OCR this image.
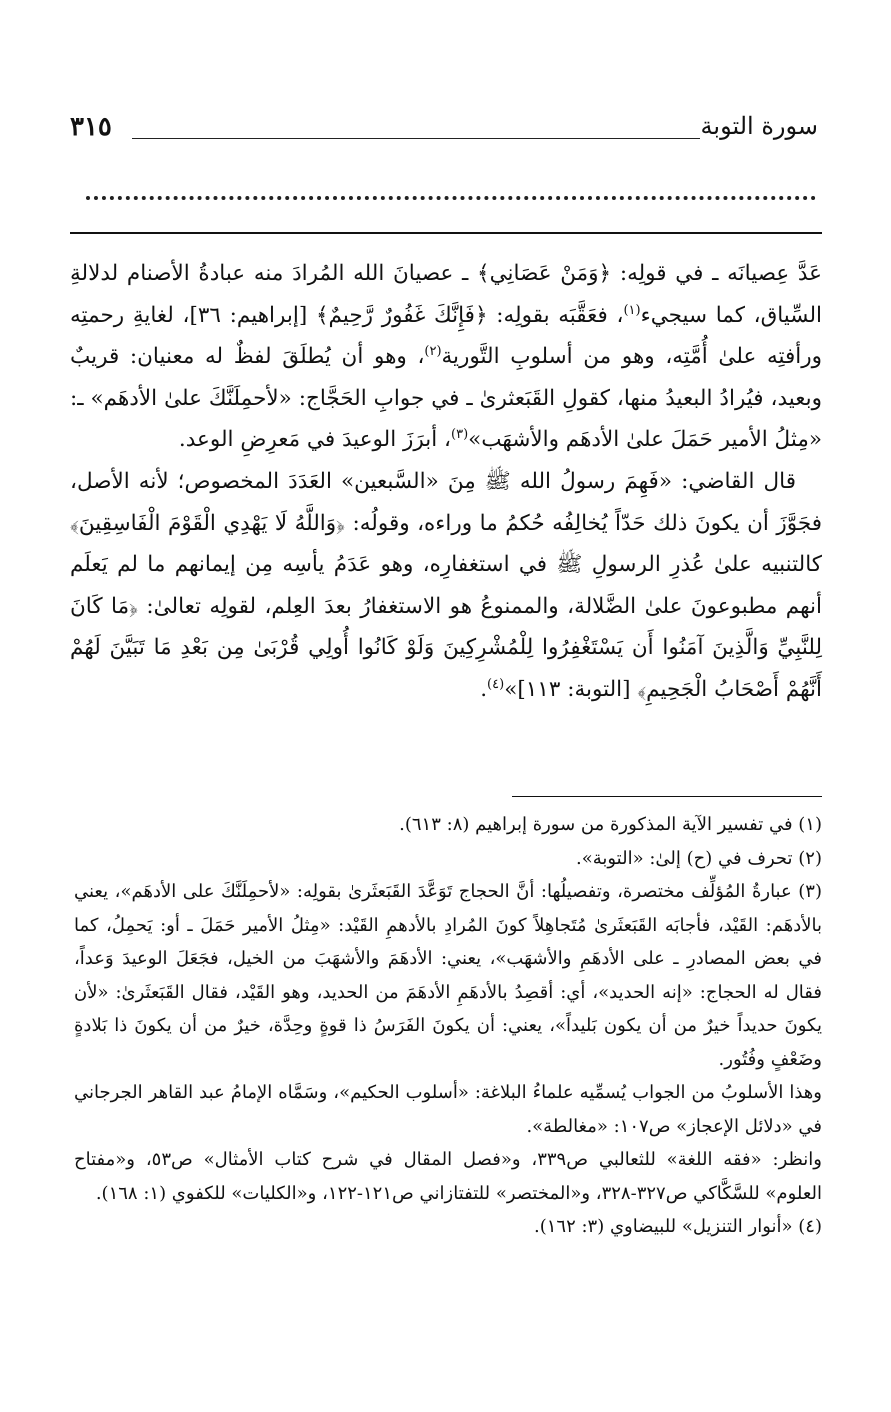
سورة التوبة
٣١٥

عَدَّ عِصيانَه ـ في قولِه: ﴿وَمَنْ عَصَانِي﴾ ـ عصيانَ الله المُرادَ منه عبادةُ الأصنام لدلالةِ السِّياق، كما سيجيء$^{(١)}$، فعَقَّبَه بقولِه: ﴿فَإِنَّكَ غَفُورٌ رَّحِيمٌ﴾ [إبراهيم: ٣٦]، لغايةِ رحمتِه ورأفتِه علىٰ أُمَّتِه، وهو من أسلوبِ التَّورية$^{(٢)}$، وهو أن يُطلَقَ لفظٌ له معنيان: قريبٌ وبعيد، فيُرادُ البعيدُ منها، كقولِ القَبَعثرىٰ ـ في جوابِ الحَجَّاج: «لأحمِلَنَّكَ علىٰ الأدهَم» ـ: «مِثلُ الأمير حَمَلَ علىٰ الأدهَم والأشهَب»$^{(٣)}$، أبرَزَ الوعيدَ في مَعرِضِ الوعد.

قال القاضي: «فَهِمَ رسولُ الله ﷺ مِنَ «السَّبعين» العَدَدَ المخصوص؛ لأنه الأصل، فجَوَّزَ أن يكونَ ذلك حَدّاً يُخالِفُه حُكمُ ما وراءه، وقولُه: ﴿وَاللَّهُ لَا يَهْدِي الْقَوْمَ الْفَاسِقِينَ﴾ كالتنبيه علىٰ عُذرِ الرسولِ ﷺ في استغفارِه، وهو عَدَمُ يأسِه مِن إيمانهم ما لم يَعلَم أنهم مطبوعونَ علىٰ الضَّلالة، والممنوعُ هو الاستغفارُ بعدَ العِلم، لقولِه تعالىٰ: ﴿مَا كَانَ لِلنَّبِيِّ وَالَّذِينَ آمَنُوا أَن يَسْتَغْفِرُوا لِلْمُشْرِكِينَ وَلَوْ كَانُوا أُولِي قُرْبَىٰ مِن بَعْدِ مَا تَبَيَّنَ لَهُمْ أَنَّهُمْ أَصْحَابُ الْجَحِيمِ﴾ [التوبة: ١١٣]»$^{(٤)}$.

(١) في تفسير الآية المذكورة من سورة إبراهيم (٨: ٦١٣).

(٢) تحرف في (ح) إلىٰ: «التوبة».

(٣) عبارةُ المُؤلِّف مختصرة، وتفصيلُها: أنَّ الحجاج تَوَعَّدَ القَبَعثَرىٰ بقولِه: «لأحمِلَنَّكَ على الأدهَم»، يعني بالأدهَم: القَيْد، فأجابَه القَبَعثَرىٰ مُتَجاهِلاً كونَ المُرادِ بالأدهمِ القَيْد: «مِثلُ الأمير حَمَلَ ـ أو: يَحمِلُ، كما في بعض المصادرِ ـ على الأدهَمِ والأشهَب»، يعني: الأدهَمَ والأشهَبَ من الخيل، فجَعَلَ الوعيدَ وَعداً، فقال له الحجاج: «إنه الحديد»، أي: أقصِدُ بالأدهَمِ الأدهَمَ من الحديد، وهو القَيْد، فقال القَبَعثَرىٰ: «لأن يكونَ حديداً خيرٌ من أن يكون بَليداً»، يعني: أن يكونَ الفَرَسُ ذا قوةٍ وحِدَّة، خيرٌ من أن يكونَ ذا بَلادةٍ وضَعْفٍ وفُتُور.

وهذا الأسلوبُ من الجواب يُسمِّيه علماءُ البلاغة: «أسلوب الحكيم»، وسَمَّاه الإمامُ عبد القاهر الجرجاني في «دلائل الإعجاز» ص١٠٧: «مغالطة».

وانظر: «فقه اللغة» للثعالبي ص٣٣٩، و«فصل المقال في شرح كتاب الأمثال» ص٥٣، و«مفتاح العلوم» للسَّكَّاكي ص٣٢٧-٣٢٨، و«المختصر» للتفتازاني ص١٢١-١٢٢، و«الكليات» للكفوي (١: ١٦٨).

(٤) «أنوار التنزيل» للبيضاوي (٣: ١٦٢).
